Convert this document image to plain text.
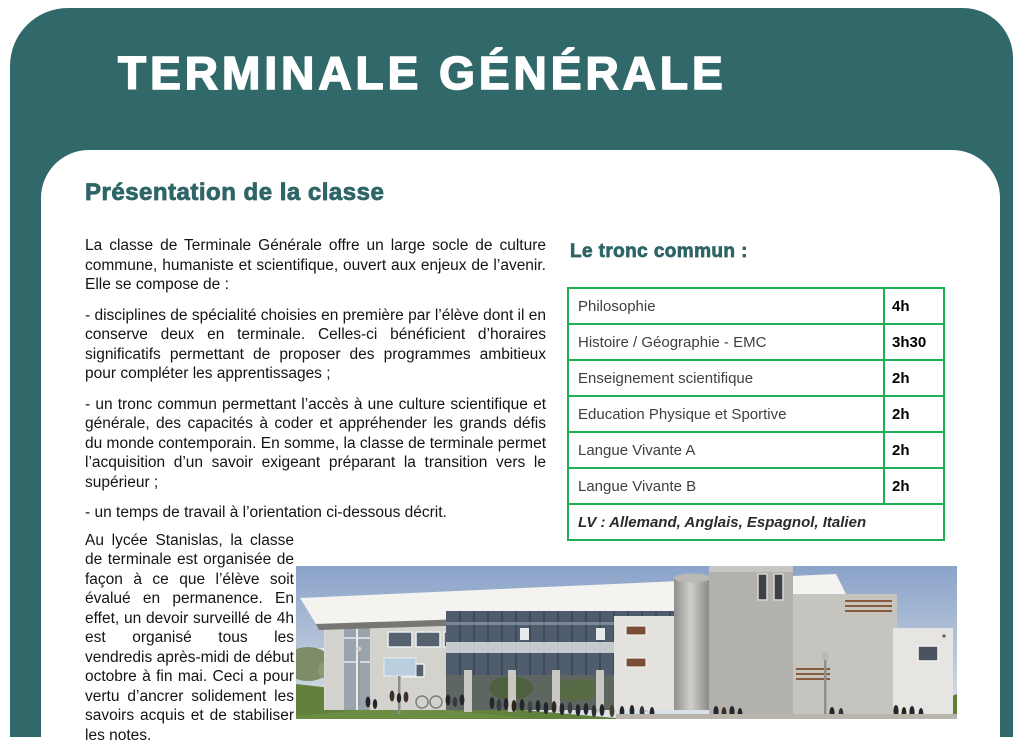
TERMINALE GÉNÉRALE
Présentation de la classe

La classe de Terminale Générale offre un large socle de culture commune, humaniste et scientifique, ouvert aux enjeux de l’avenir. Elle se compose de :

- disciplines de spécialité choisies en première par l’élève dont il en conserve deux en terminale. Celles-ci bénéficient d’horaires significatifs permettant de proposer des programmes ambitieux pour compléter les apprentissages ;

- un tronc commun permettant l’accès à une culture scientifique et générale, des capacités à coder et appréhender les grands défis du monde contemporain. En somme, la classe de terminale permet l’acquisition d’un savoir exigeant préparant la transition vers le supérieur ;

- un temps de travail à l’orientation ci-dessous décrit.

Au lycée Stanislas, la classe de terminale est organisée de façon à ce que l’élève soit évalué en permanence. En effet, un devoir surveillé de 4h est organisé tous les vendredis après-midi de début octobre à fin mai. Ceci a pour vertu d’ancrer solidement les savoirs acquis et de stabiliser les notes.

Le tronc commun :
Philosophie	4h
Histoire / Géographie - EMC	3h30
Enseignement scientifique	2h
Education Physique et Sportive	2h
Langue Vivante A	2h
Langue Vivante B	2h
LV : Allemand, Anglais, Espagnol, Italien	
